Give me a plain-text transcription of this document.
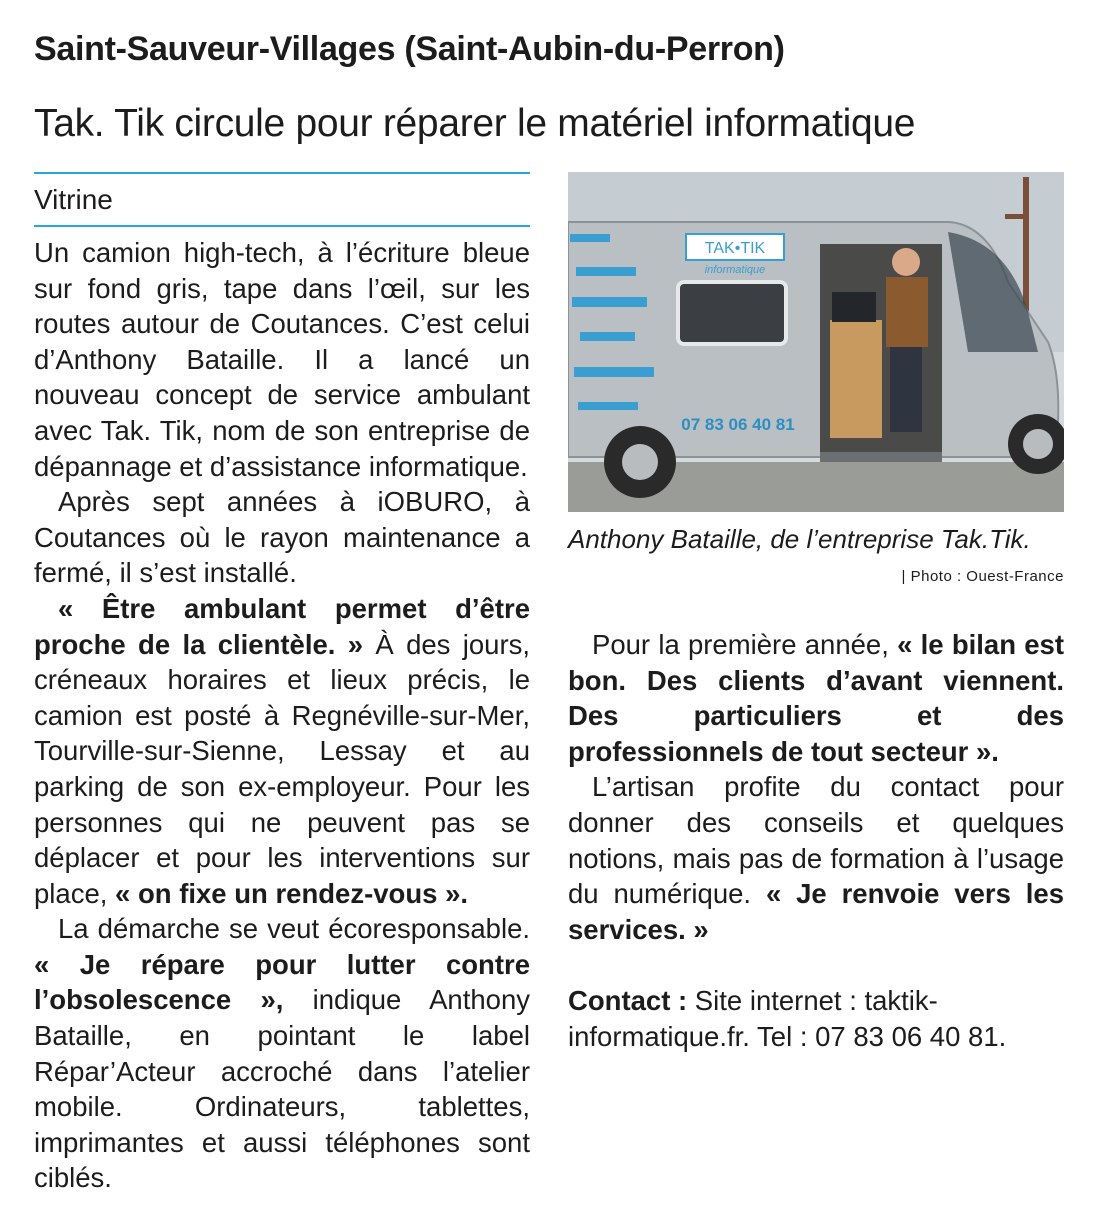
Saint-Sauveur-Villages (Saint-Aubin-du-Perron)
Tak. Tik circule pour réparer le matériel informatique
Vitrine

Un camion high-tech, à l’écriture bleue sur fond gris, tape dans l’œil, sur les routes autour de Coutances. C’est celui d’Anthony Bataille. Il a lancé un nouveau concept de service ambulant avec Tak. Tik, nom de son entreprise de dépannage et d’assistance informatique.

Après sept années à iOBURO, à Coutances où le rayon maintenance a fermé, il s’est installé.

« Être ambulant permet d’être proche de la clientèle. » À des jours, créneaux horaires et lieux précis, le camion est posté à Regnéville-sur-Mer, Tourville-sur-Sienne, Lessay et au parking de son ex-employeur. Pour les personnes qui ne peuvent pas se déplacer et pour les interventions sur place, « on fixe un rendez-vous ».

La démarche se veut écoresponsable. « Je répare pour lutter contre l’obsolescence », indique Anthony Bataille, en pointant le label Répar’Acteur accroché dans l’atelier mobile. Ordinateurs, tablettes, imprimantes et aussi téléphones sont ciblés.

TAK•TIK
informatique
07 83 06 40 81
Anthony Bataille, de l’entreprise Tak.Tik.
| Photo : Ouest-France

Pour la première année, « le bilan est bon. Des clients d’avant viennent. Des particuliers et des professionnels de tout secteur ».

L’artisan profite du contact pour donner des conseils et quelques notions, mais pas de formation à l’usage du numérique. « Je renvoie vers les services. »

Contact : Site internet : taktik-informatique.fr. Tel : 07 83 06 40 81.
